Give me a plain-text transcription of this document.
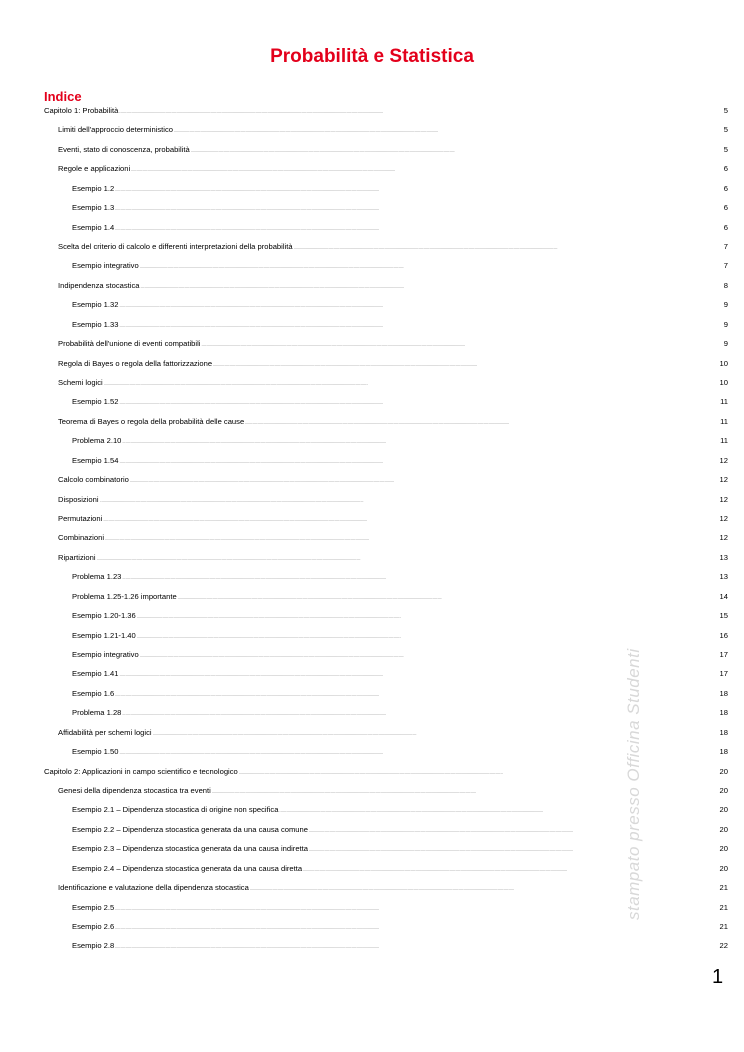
Probabilità e Statistica
Indice
Capitolo 1: Probabilità . . .	5
Limiti dell'approccio deterministico . . .	5
Eventi, stato di conoscenza, probabilità . . .	5
Regole e applicazioni . . .	6
Esempio 1.2 . . .	6
Esempio 1.3 . . .	6
Esempio 1.4 . . .	6
Scelta del criterio di calcolo e differenti interpretazioni della probabilità . . .	7
Esempio integrativo . . .	7
Indipendenza stocastica . . .	8
Esempio 1.32 . . .	9
Esempio 1.33 . . .	9
Probabilità dell'unione di eventi compatibili . . .	9
Regola di Bayes o regola della fattorizzazione . . .	10
Schemi logici . . .	10
Esempio 1.52 . . .	11
Teorema di Bayes o regola della probabilità delle cause . . .	11
Problema 2.10 . . .	11
Esempio 1.54 . . .	12
Calcolo combinatorio . . .	12
Disposizioni . . .	12
Permutazioni . . .	12
Combinazioni . . .	12
Ripartizioni . . .	13
Problema 1.23 . . .	13
Problema 1.25-1.26 importante . . .	14
Esempio 1.20-1.36 . . .	15
Esempio 1.21-1.40 . . .	16
Esempio integrativo . . .	17
Esempio 1.41 . . .	17
Esempio 1.6 . . .	18
Problema 1.28 . . .	18
Affidabilità per schemi logici . . .	18
Esempio 1.50 . . .	18
Capitolo 2: Applicazioni in campo scientifico e tecnologico . . .	20
Genesi della dipendenza stocastica tra eventi . . .	20
Esempio 2.1 – Dipendenza stocastica di origine non specifica . . .	20
Esempio 2.2 – Dipendenza stocastica generata da una causa comune . . .	20
Esempio 2.3 – Dipendenza stocastica generata da una causa indiretta . . .	20
Esempio 2.4 – Dipendenza stocastica generata da una causa diretta . . .	20
Identificazione e valutazione della dipendenza stocastica . . .	21
Esempio 2.5 . . .	21
Esempio 2.6 . . .	21
Esempio 2.8 . . .	22
stampato presso Officina Studenti
1
